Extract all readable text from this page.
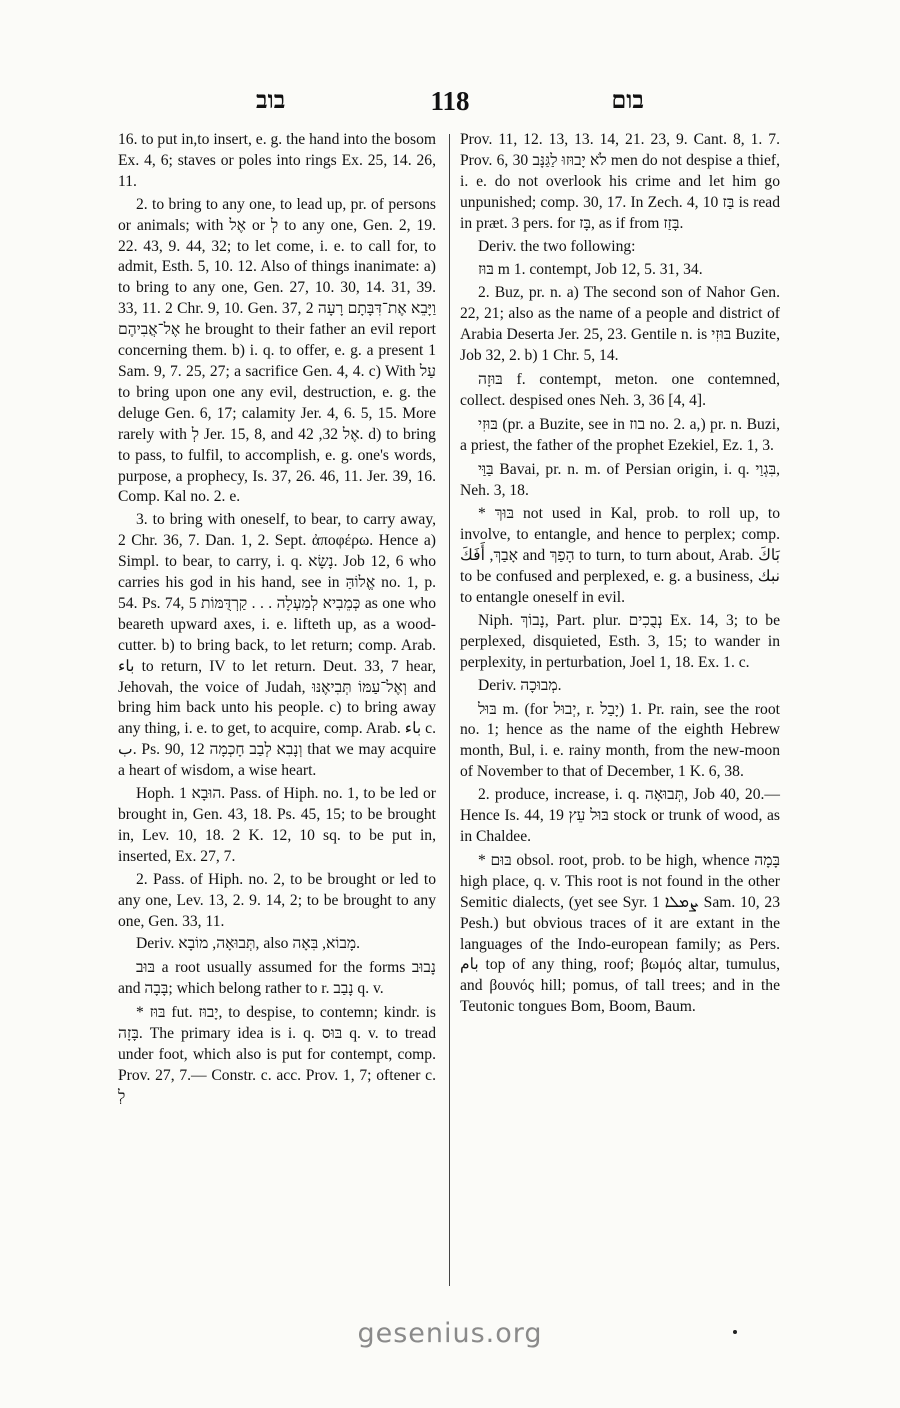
בוב	118	בום

16. to put in,to insert, e. g. the hand into the bosom Ex. 4, 6; staves or poles into rings Ex. 25, 14. 26, 11.

2. to bring to any one, to lead up, pr. of persons or animals; with אֶל or לְ to any one, Gen. 2, 19. 22. 43, 9. 44, 32; to let come, i. e. to call for, to admit, Esth. 5, 10. 12. Also of things inanimate: a) to bring to any one, Gen. 27, 10. 30, 14. 31, 39. 33, 11. 2 Chr. 9, 10. Gen. 37, 2 וַיָּבֵא אֶת־דִּבָּתָם רָעָה אֶל־אֲבִיהֶם he brought to their father an evil report concerning them. b) i. q. to offer, e. g. a present 1 Sam. 9, 7. 25, 27; a sacrifice Gen. 4, 4. c) With עַל to bring upon one any evil, destruction, e. g. the deluge Gen. 6, 17; calamity Jer. 4, 6. 5, 15. More rarely with לְ Jer. 15, 8, and אֶל 32, 42. d) to bring to pass, to fulfil, to accomplish, e. g. one's words, purpose, a prophecy, Is. 37, 26. 46, 11. Jer. 39, 16. Comp. Kal no. 2. e.

3. to bring with oneself, to bear, to carry away, 2 Chr. 36, 7. Dan. 1, 2. Sept. ἀποφέρω. Hence a) Simpl. to bear, to carry, i. q. נָשָׂא. Job 12, 6 who carries his god in his hand, see in אֱלוֹהַּ no. 1, p. 54. Ps. 74, 5 כְּמֵבִיא לְמַעְלָה . . . קַרְדֻּמּוֹת as one who beareth upward axes, i. e. lifteth up, as a wood-cutter. b) to bring back, to let return; comp. Arab. باء to return, IV to let return. Deut. 33, 7 hear, Jehovah, the voice of Judah, וְאֶל־עַמּוֹ תְּבִיאֶנּוּ and bring him back unto his people. c) to bring away any thing, i. e. to get, to acquire, comp. Arab. باء c. ب. Ps. 90, 12 וְנָבִא לְבַב חָכְמָה that we may acquire a heart of wisdom, a wise heart.

Hoph. הוּבָא 1. Pass. of Hiph. no. 1, to be led or brought in, Gen. 43, 18. Ps. 45, 15; to be brought in, Lev. 10, 18. 2 K. 12, 10 sq. to be put in, inserted, Ex. 27, 7.

2. Pass. of Hiph. no. 2, to be brought or led to any one, Lev. 13, 2. 9. 14, 2; to be brought to any one, Gen. 33, 11.

Deriv. תְּבוּאָה, מוֹבָא, also מָבוֹא, בִּאָה.

בּוּב a root usually assumed for the forms נָבוּב and בָּבָה; which belong rather to r. נָבַב q. v.

* בּוּז fut. יָבוּז, to despise, to contemn; kindr. is בָּזָה. The primary idea is i. q. בּוּס q. v. to tread under foot, which also is put for contempt, comp. Prov. 27, 7.— Constr. c. acc. Prov. 1, 7; oftener c. לְ

Prov. 11, 12. 13, 13. 14, 21. 23, 9. Cant. 8, 1. 7. Prov. 6, 30 לֹא יָבוּזוּ לַגַּנָּב men do not despise a thief, i. e. do not overlook his crime and let him go unpunished; comp. 30, 17. In Zech. 4, 10 בַּז is read in præt. 3 pers. for בָּז, as if from בָּזַז.

Deriv. the two following:

בּוּז m 1. contempt, Job 12, 5. 31, 34.

2. Buz, pr. n. a) The second son of Nahor Gen. 22, 21; also as the name of a people and district of Arabia Deserta Jer. 25, 23. Gentile n. is בּוּזִי Buzite, Job 32, 2. b) 1 Chr. 5, 14.

בּוּזָה f. contempt, meton. one contemned, collect. despised ones Neh. 3, 36 [4, 4].

בּוּזִי (pr. a Buzite, see in בוז no. 2. a,) pr. n. Buzi, a priest, the father of the prophet Ezekiel, Ez. 1, 3.

בַּוַּי Bavai, pr. n. m. of Persian origin, i. q. בִּגְוַי, Neh. 3, 18.

* בּוּךְ not used in Kal, prob. to roll up, to involve, to entangle, and hence to perplex; comp. אָבַךְ, أَفَكَ and הָפַךְ to turn, to turn about, Arab. بَاكَ to be confused and perplexed, e. g. a business, نبك to entangle oneself in evil.

Niph. נָבוֹךְ, Part. plur. נְבֻכִים Ex. 14, 3; to be perplexed, disquieted, Esth. 3, 15; to wander in perplexity, in perturbation, Joel 1, 18. Ex. 1. c.

Deriv. מְבוּכָה.

בּוּל m. (for יְבוּל, r. יָבַל) 1. Pr. rain, see the root no. 1; hence as the name of the eighth Hebrew month, Bul, i. e. rainy month, from the new-moon of November to that of December, 1 K. 6, 38.

2. produce, increase, i. q. תְּבוּאָה, Job 40, 20.—Hence Is. 44, 19 בּוּל עֵץ stock or trunk of wood, as in Chaldee.

* בּוּם obsol. root, prob. to be high, whence בָּמָה high place, q. v. This root is not found in the other Semitic dialects, (yet see Syr. ܨܡܠܐ 1 Sam. 10, 23 Pesh.) but obvious traces of it are extant in the languages of the Indo-european family; as Pers. بام top of any thing, roof; βωμός altar, tumulus, and βουνός hill; pomus, of tall trees; and in the Teutonic tongues Bom, Boom, Baum.

gesenius.org
